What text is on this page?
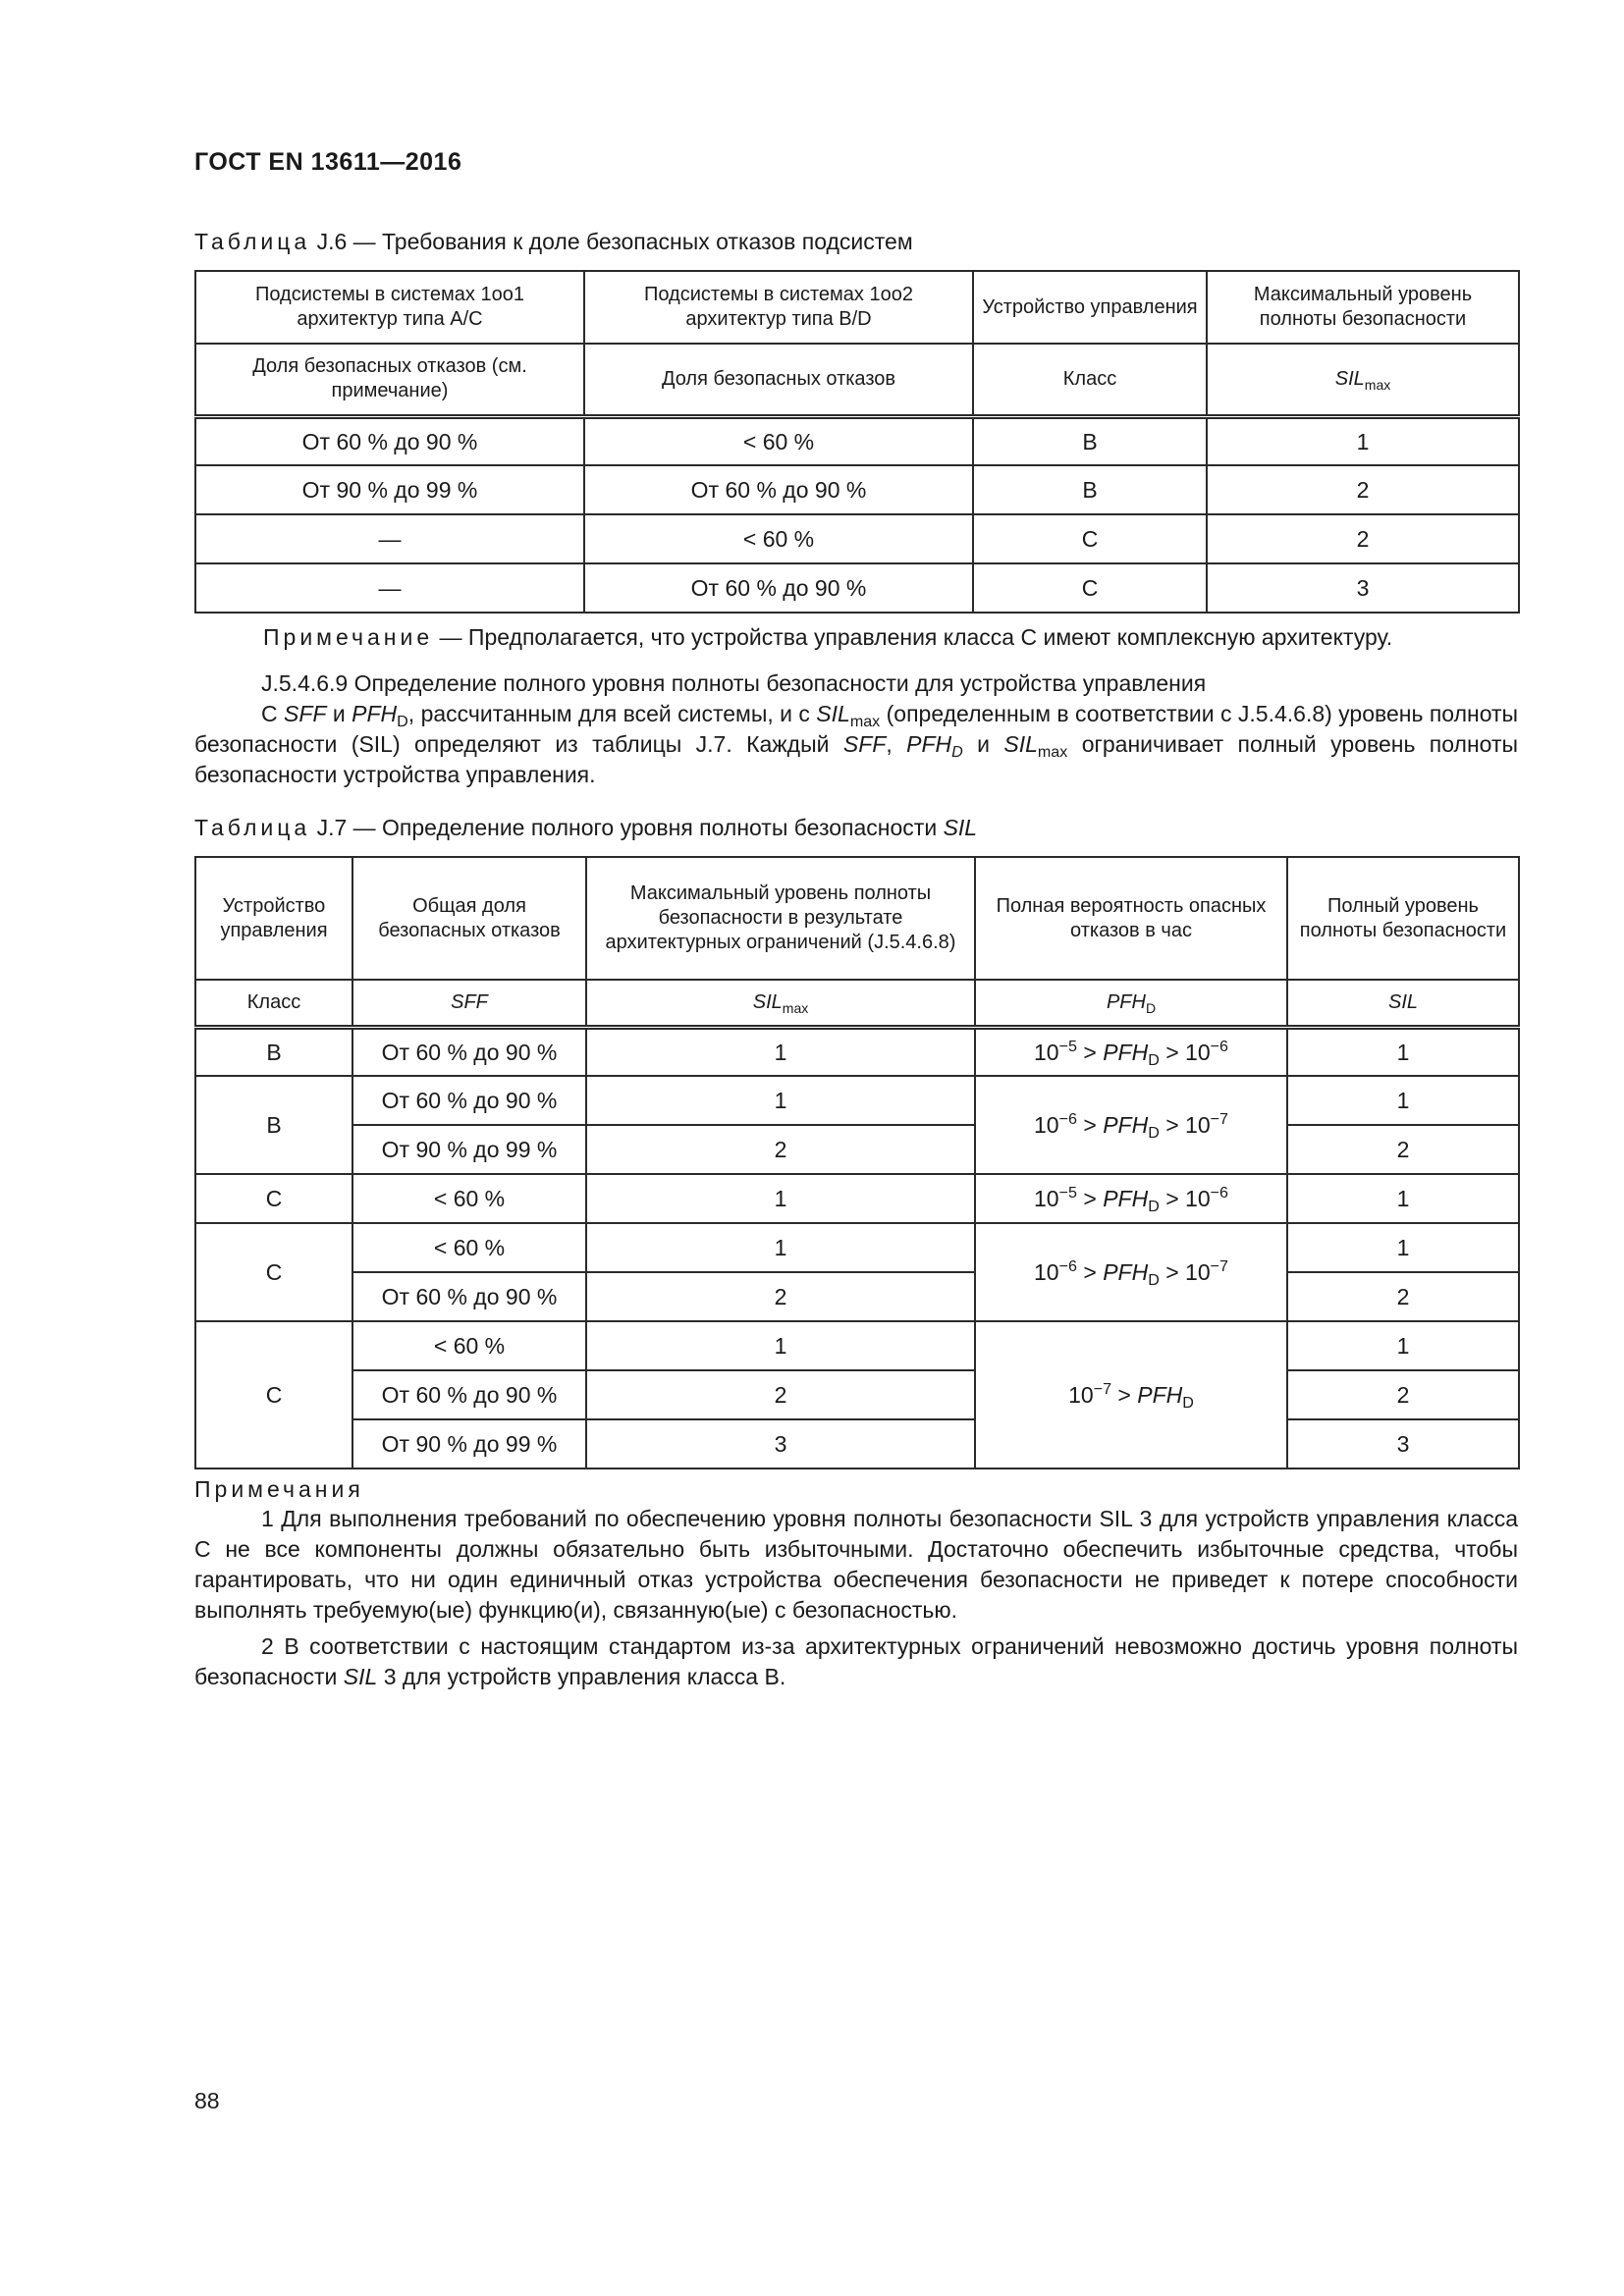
ГОСТ EN 13611—2016
Таблица J.6 — Требования к доле безопасных отказов подсистем
Подсистемы в системах 1оо1 архитектур типа А/С	Подсистемы в системах 1оо2 архитектур типа B/D	Устройство управления	Максимальный уровень полноты безопасности
Доля безопасных отказов (см. примечание)	Доля безопасных отказов	Класс	$SIL_{max}$
От 60 % до 90 %	< 60 %	B	1
От 90 % до 99 %	От 60 % до 90 %	B	2
—	< 60 %	C	2
—	От 60 % до 90 %	C	3
Примечание — Предполагается, что устройства управления класса С имеют комплексную архитектуру.
J.5.4.6.9 Определение полного уровня полноты безопасности для устройства управления
С SFF и $PFH_D$, рассчитанным для всей системы, и с $SIL_{max}$ (определенным в соответствии с J.5.4.6.8) уровень полноты безопасности (SIL) определяют из таблицы J.7. Каждый SFF, $PFH_D$ и $SIL_{max}$ ограничивает полный уровень полноты безопасности устройства управления.
Таблица J.7 — Определение полного уровня полноты безопасности SIL
Устройство управления	Общая доля безопасных отказов	Максимальный уровень полноты безопасности в результате архитектурных ограничений (J.5.4.6.8)	Полная вероятность опасных отказов в час	Полный уровень полноты безопасности
Класс	SFF	$SIL_{max}$	$PFH_D$	SIL
B	От 60 % до 90 %	1	$10^{-5} > PFH_D > 10^{-6}$	1
B	От 60 % до 90 %	1	$10^{-6} > PFH_D > 10^{-7}$	1
	От 90 % до 99 %	2		2
C	< 60 %	1	$10^{-5} > PFH_D > 10^{-6}$	1
C	< 60 %	1	$10^{-6} > PFH_D > 10^{-7}$	1
	От 60 % до 90 %	2		2
C	< 60 %	1	$10^{-7} > PFH_D$	1
	От 60 % до 90 %	2		2
	От 90 % до 99 %	3		3
Примечания
1 Для выполнения требований по обеспечению уровня полноты безопасности SIL 3 для устройств управления класса С не все компоненты должны обязательно быть избыточными. Достаточно обеспечить избыточные средства, чтобы гарантировать, что ни один единичный отказ устройства обеспечения безопасности не приведет к потере способности выполнять требуемую(ые) функцию(и), связанную(ые) с безопасностью.
2 В соответствии с настоящим стандартом из-за архитектурных ограничений невозможно достичь уровня полноты безопасности SIL 3 для устройств управления класса В.
88
